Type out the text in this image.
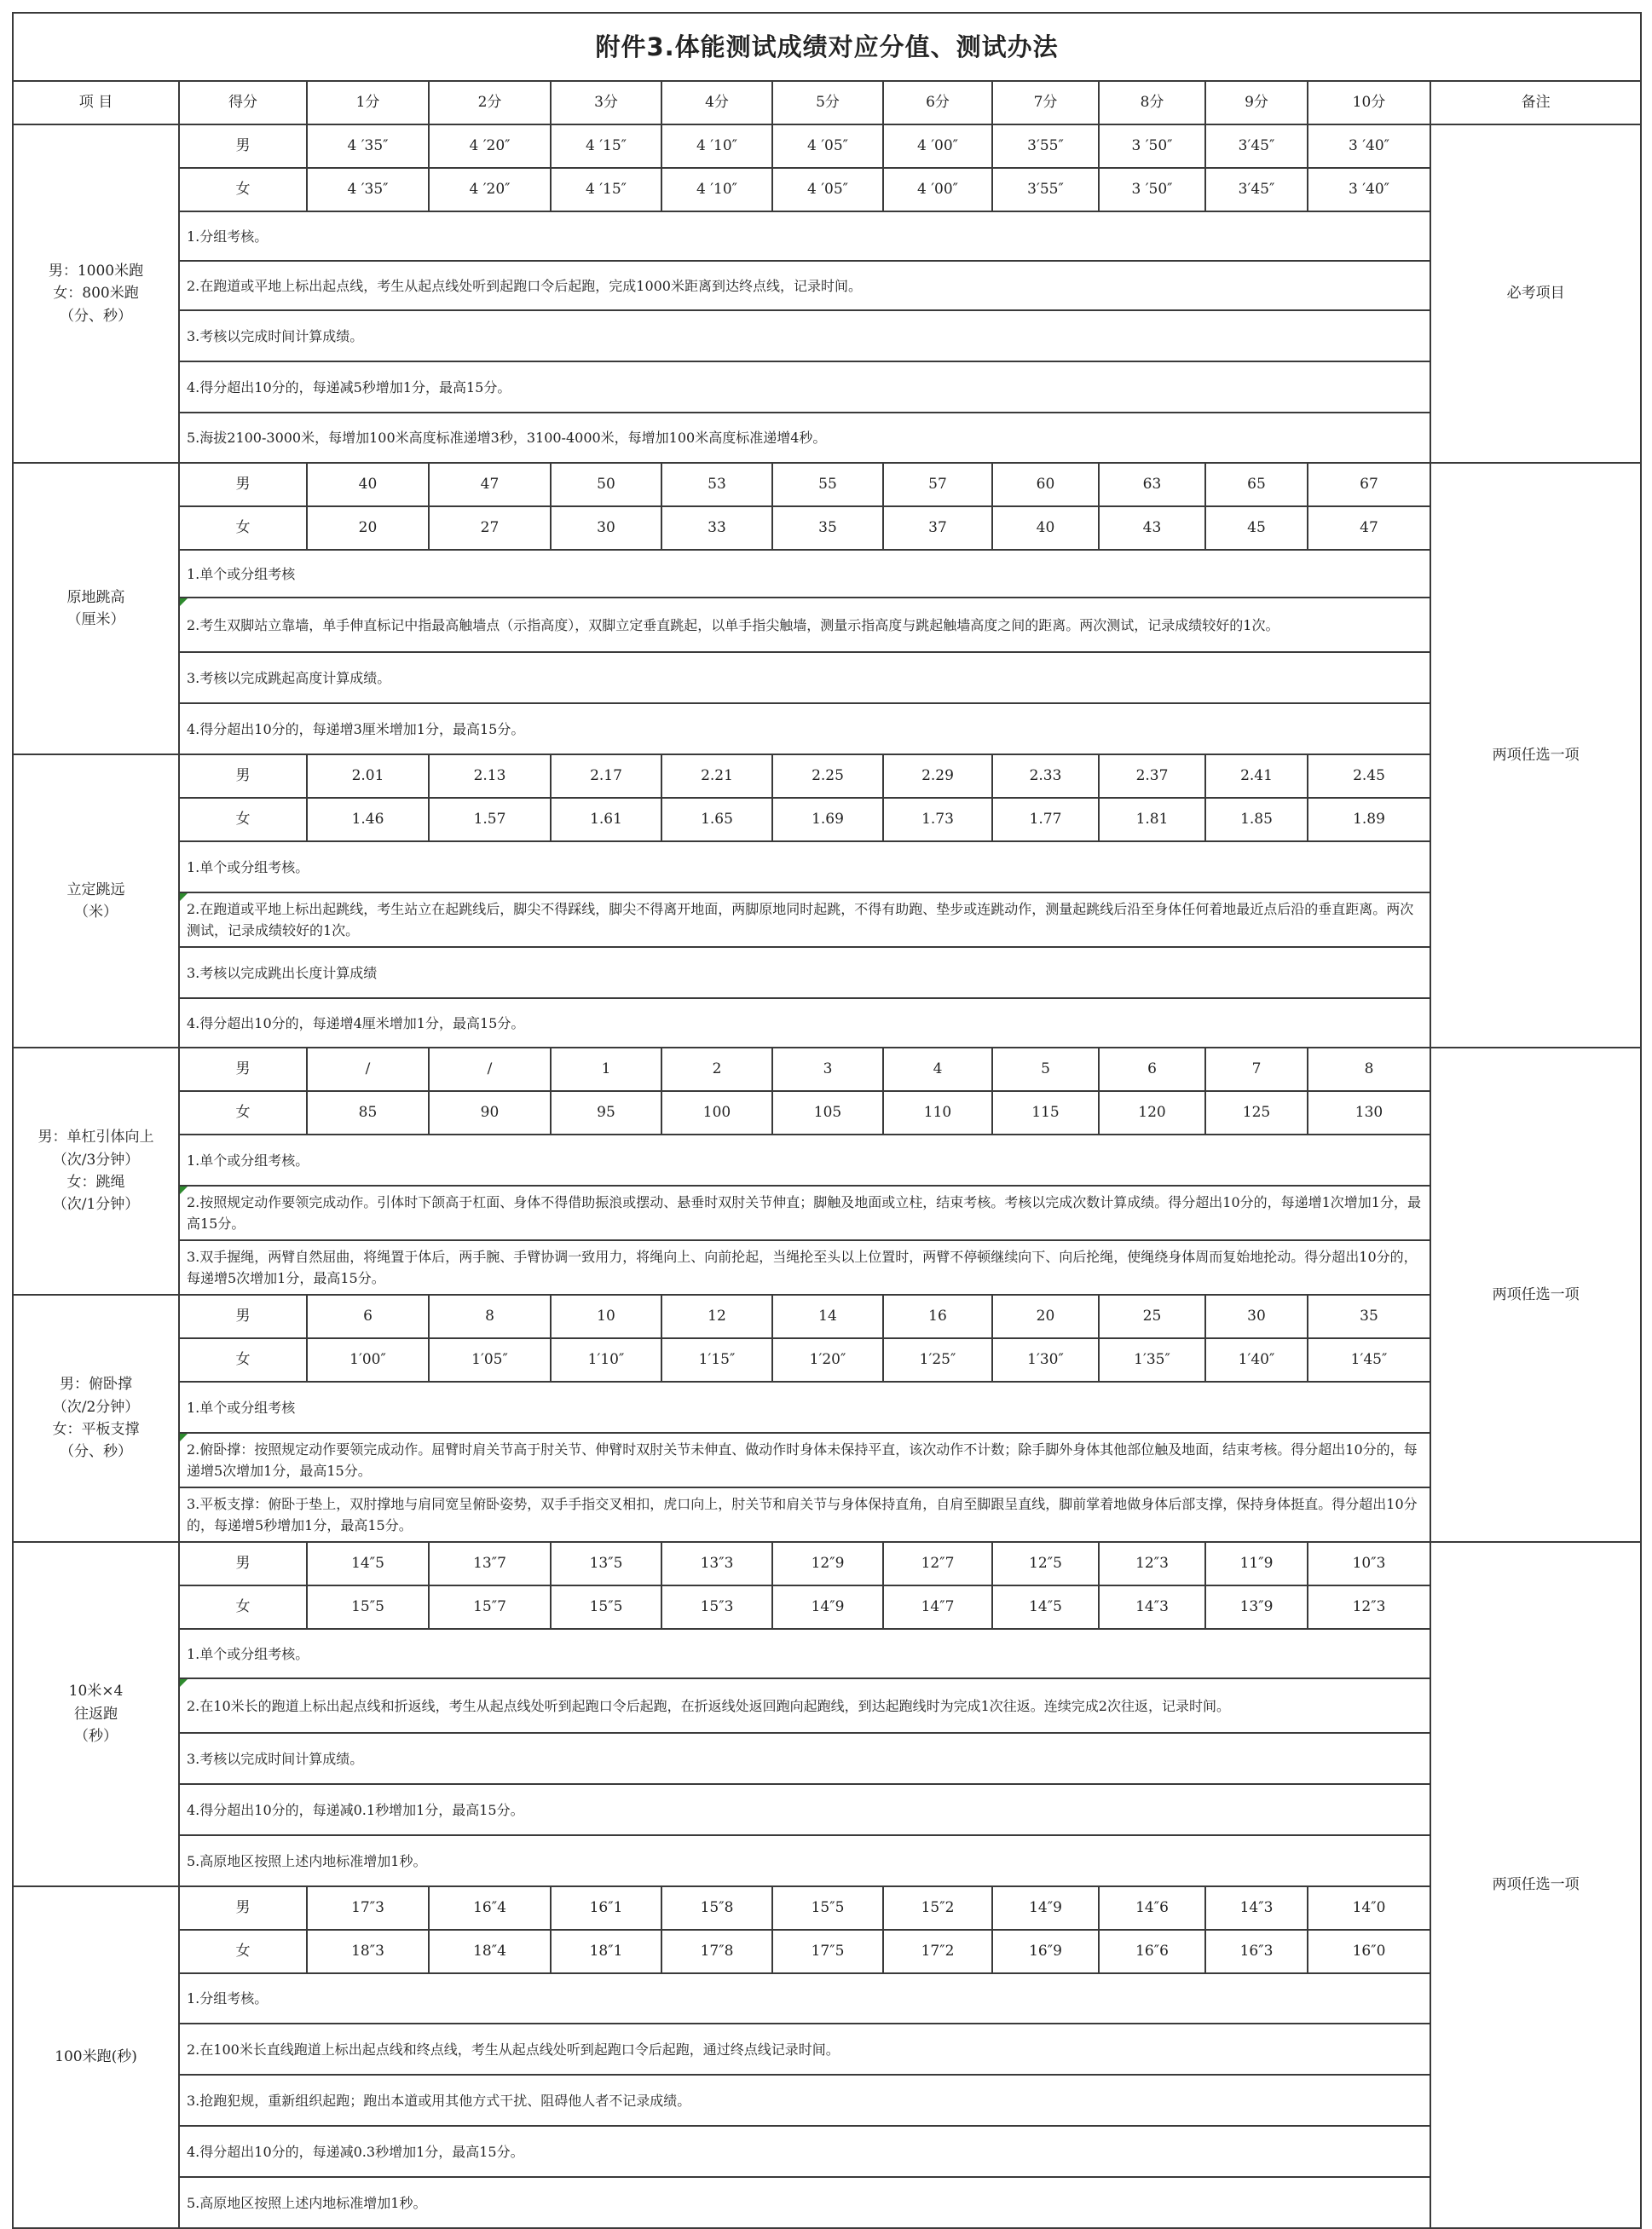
附件3.体能测试成绩对应分值、测试办法												
项 目	得分	1分	2分	3分	4分	5分	6分	7分	8分	9分	10分	备注

男：1000米跑
女：800米跑
（分、秒）	男	4 ′35″	4 ′20″	4 ′15″	4 ′10″	4 ′05″	4 ′00″	3′55″	3 ′50″	3′45″	3 ′40″	必考项目
	女	4 ′35″	4 ′20″	4 ′15″	4 ′10″	4 ′05″	4 ′00″	3′55″	3 ′50″	3′45″	3 ′40″	
	1.分组考核。											
	2.在跑道或平地上标出起点线，考生从起点线处听到起跑口令后起跑，完成1000米距离到达终点线，记录时间。											
	3.考核以完成时间计算成绩。											
	4.得分超出10分的，每递减5秒增加1分，最高15分。											
	5.海拔2100-3000米，每增加100米高度标准递增3秒，3100-4000米，每增加100米高度标准递增4秒。											

原地跳高
（厘米）	男	40	47	50	53	55	57	60	63	65	67	两项任选一项
	女	20	27	30	33	35	37	40	43	45	47	
	1.单个或分组考核											
	2.考生双脚站立靠墙，单手伸直标记中指最高触墙点（示指高度），双脚立定垂直跳起，以单手指尖触墙，测量示指高度与跳起触墙高度之间的距离。两次测试，记录成绩较好的1次。											
	3.考核以完成跳起高度计算成绩。											
	4.得分超出10分的，每递增3厘米增加1分，最高15分。											

立定跳远
（米）	男	2.01	2.13	2.17	2.21	2.25	2.29	2.33	2.37	2.41	2.45	
	女	1.46	1.57	1.61	1.65	1.69	1.73	1.77	1.81	1.85	1.89	
	1.单个或分组考核。											
	2.在跑道或平地上标出起跳线，考生站立在起跳线后，脚尖不得踩线，脚尖不得离开地面，两脚原地同时起跳，不得有助跑、垫步或连跳动作，测量起跳线后沿至身体任何着地最近点后沿的垂直距离。两次测试，记录成绩较好的1次。											
	3.考核以完成跳出长度计算成绩											
	4.得分超出10分的，每递增4厘米增加1分，最高15分。											

男：单杠引体向上
（次/3分钟）
女：跳绳
（次/1分钟）	男	/	/	1	2	3	4	5	6	7	8	两项任选一项
	女	85	90	95	100	105	110	115	120	125	130	
	1.单个或分组考核。											
	2.按照规定动作要领完成动作。引体时下颌高于杠面、身体不得借助振浪或摆动、悬垂时双肘关节伸直；脚触及地面或立柱，结束考核。考核以完成次数计算成绩。得分超出10分的，每递增1次增加1分，最高15分。											
	3.双手握绳，两臂自然屈曲，将绳置于体后，两手腕、手臂协调一致用力，将绳向上、向前抡起，当绳抡至头以上位置时，两臂不停顿继续向下、向后抡绳，使绳绕身体周而复始地抡动。得分超出10分的，每递增5次增加1分，最高15分。											

男：俯卧撑
（次/2分钟）
女：平板支撑
（分、秒）	男	6	8	10	12	14	16	20	25	30	35	
	女	1′00″	1′05″	1′10″	1′15″	1′20″	1′25″	1′30″	1′35″	1′40″	1′45″	
	1.单个或分组考核											
	2.俯卧撑：按照规定动作要领完成动作。屈臂时肩关节高于肘关节、伸臂时双肘关节未伸直、做动作时身体未保持平直，该次动作不计数；除手脚外身体其他部位触及地面，结束考核。得分超出10分的，每递增5次增加1分，最高15分。											
	3.平板支撑：俯卧于垫上，双肘撑地与肩同宽呈俯卧姿势，双手手指交叉相扣，虎口向上，肘关节和肩关节与身体保持直角，自肩至脚跟呈直线，脚前掌着地做身体后部支撑，保持身体挺直。得分超出10分的，每递增5秒增加1分，最高15分。											

10米×4
往返跑
（秒）	男	14″5	13″7	13″5	13″3	12″9	12″7	12″5	12″3	11″9	10″3	两项任选一项
	女	15″5	15″7	15″5	15″3	14″9	14″7	14″5	14″3	13″9	12″3	
	1.单个或分组考核。											
	2.在10米长的跑道上标出起点线和折返线，考生从起点线处听到起跑口令后起跑，在折返线处返回跑向起跑线，到达起跑线时为完成1次往返。连续完成2次往返，记录时间。											
	3.考核以完成时间计算成绩。											
	4.得分超出10分的，每递减0.1秒增加1分，最高15分。											
	5.高原地区按照上述内地标准增加1秒。											

100米跑(秒)	男	17″3	16″4	16″1	15″8	15″5	15″2	14″9	14″6	14″3	14″0	
	女	18″3	18″4	18″1	17″8	17″5	17″2	16″9	16″6	16″3	16″0	
	1.分组考核。											
	2.在100米长直线跑道上标出起点线和终点线，考生从起点线处听到起跑口令后起跑，通过终点线记录时间。											
	3.抢跑犯规，重新组织起跑；跑出本道或用其他方式干扰、阻碍他人者不记录成绩。											
	4.得分超出10分的，每递减0.3秒增加1分，最高15分。											
	5.高原地区按照上述内地标准增加1秒。											
